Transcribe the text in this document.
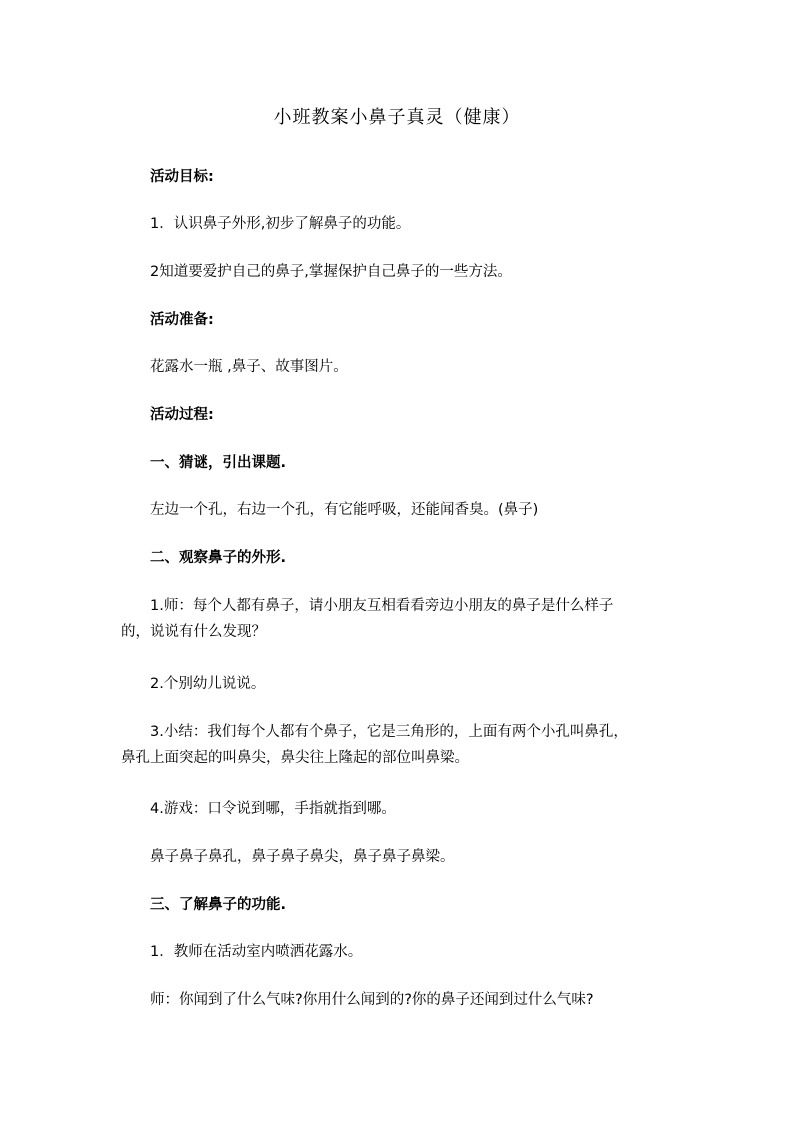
小班教案小鼻子真灵（健康）
活动目标:
1．认识鼻子外形,初步了解鼻子的功能。
2知道要爱护自己的鼻子,掌握保护自己鼻子的一些方法。
活动准备:
花露水一瓶 ,鼻子、故事图片。
活动过程:
一、猜谜，引出课题.
左边一个孔，右边一个孔，有它能呼吸，还能闻香臭。(鼻子)
二、观察鼻子的外形.
1.师：每个人都有鼻子，请小朋友互相看看旁边小朋友的鼻子是什么样子
的，说说有什么发现？
2.个别幼儿说说。
3.小结：我们每个人都有个鼻子，它是三角形的，上面有两个小孔叫鼻孔，
鼻孔上面突起的叫鼻尖，鼻尖往上隆起的部位叫鼻梁。
4.游戏：口令说到哪，手指就指到哪。
鼻子鼻子鼻孔，鼻子鼻子鼻尖，鼻子鼻子鼻梁。
三、了解鼻子的功能.
1．教师在活动室内喷洒花露水。
师：你闻到了什么气味?你用什么闻到的?你的鼻子还闻到过什么气味?
